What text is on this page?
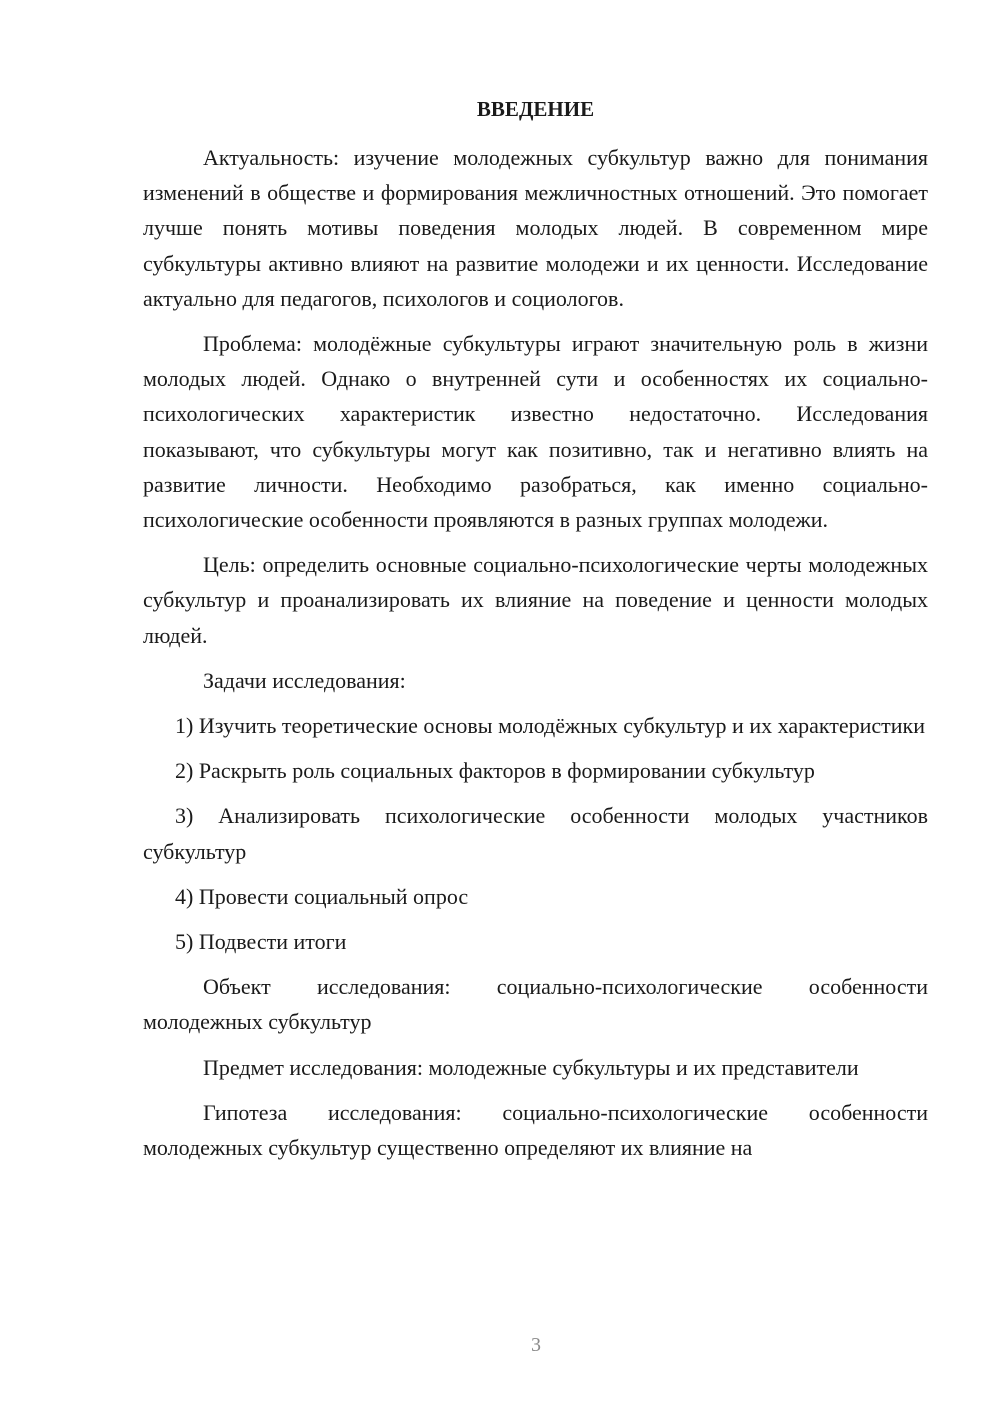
ВВЕДЕНИЕ

Актуальность: изучение молодежных субкультур важно для понимания изменений в обществе и формирования межличностных отношений. Это помогает лучше понять мотивы поведения молодых людей. В современном мире субкультуры активно влияют на развитие молодежи и их ценности. Исследование актуально для педагогов, психологов и социологов.

Проблема: молодёжные субкультуры играют значительную роль в жизни молодых людей. Однако о внутренней сути и особенностях их социально-психологических характеристик известно недостаточно. Исследования показывают, что субкультуры могут как позитивно, так и негативно влиять на развитие личности. Необходимо разобраться, как именно социально-психологические особенности проявляются в разных группах молодежи.

Цель: определить основные социально-психологические черты молодежных субкультур и проанализировать их влияние на поведение и ценности молодых людей.

Задачи исследования:

1) Изучить теоретические основы молодёжных субкультур и их характеристики

2) Раскрыть роль социальных факторов в формировании субкультур

3) Анализировать психологические особенности молодых участников субкультур

4) Провести социальный опрос

5) Подвести итоги

Объект исследования: социально-психологические особенности молодежных субкультур

Предмет исследования: молодежные субкультуры и их представители

Гипотеза исследования: социально-психологические особенности молодежных субкультур существенно определяют их влияние на

3
